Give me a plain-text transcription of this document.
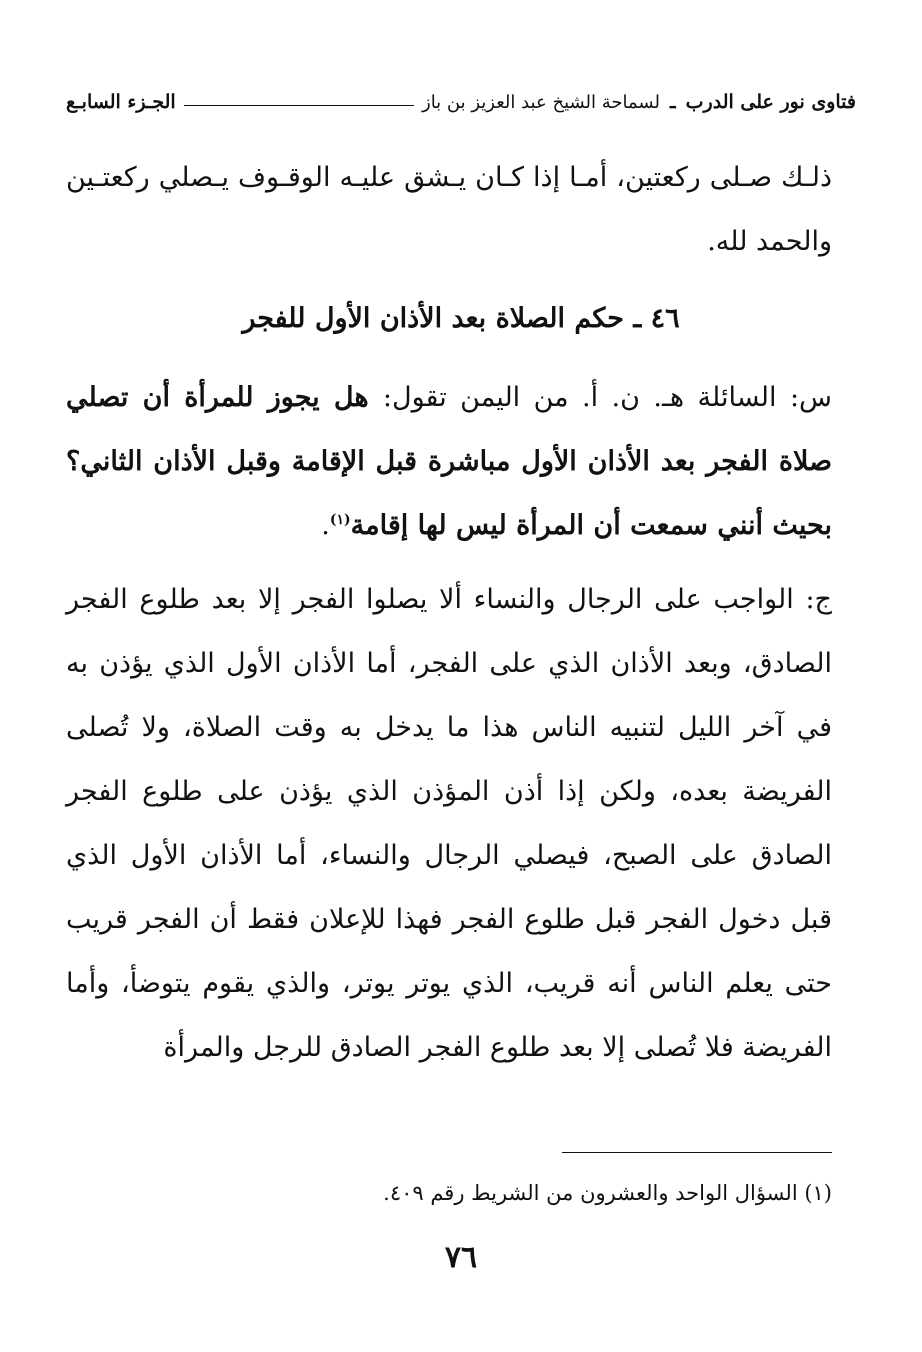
فتاوى نور على الدرب ـ لسماحة الشيخ عبد العزيز بن باز
الجـزء السابـع
ذلـك صـلى ركعتين، أمـا إذا كـان يـشق عليـه الوقـوف يـصلي ركعتـين والحمد لله.
٤٦ ـ حكم الصلاة بعد الأذان الأول للفجر
س: السائلة هـ. ن. أ. من اليمن تقول: هل يجوز للمرأة أن تصلي صلاة الفجر بعد الأذان الأول مباشرة قبل الإقامة وقبل الأذان الثاني؟ بحيث أنني سمعت أن المرأة ليس لها إقامة$^{(١)}$.
ج: الواجب على الرجال والنساء ألا يصلوا الفجر إلا بعد طلوع الفجر الصادق، وبعد الأذان الذي على الفجر، أما الأذان الأول الذي يؤذن به في آخر الليل لتنبيه الناس هذا ما يدخل به وقت الصلاة، ولا تُصلى الفريضة بعده، ولكن إذا أذن المؤذن الذي يؤذن على طلوع الفجر الصادق على الصبح، فيصلي الرجال والنساء، أما الأذان الأول الذي قبل دخول الفجر قبل طلوع الفجر فهذا للإعلان فقط أن الفجر قريب حتى يعلم الناس أنه قريب، الذي يوتر يوتر، والذي يقوم يتوضأ، وأما الفريضة فلا تُصلى إلا بعد طلوع الفجر الصادق للرجل والمرأة
(١) السؤال الواحد والعشرون من الشريط رقم ٤٠٩.
٧٦
